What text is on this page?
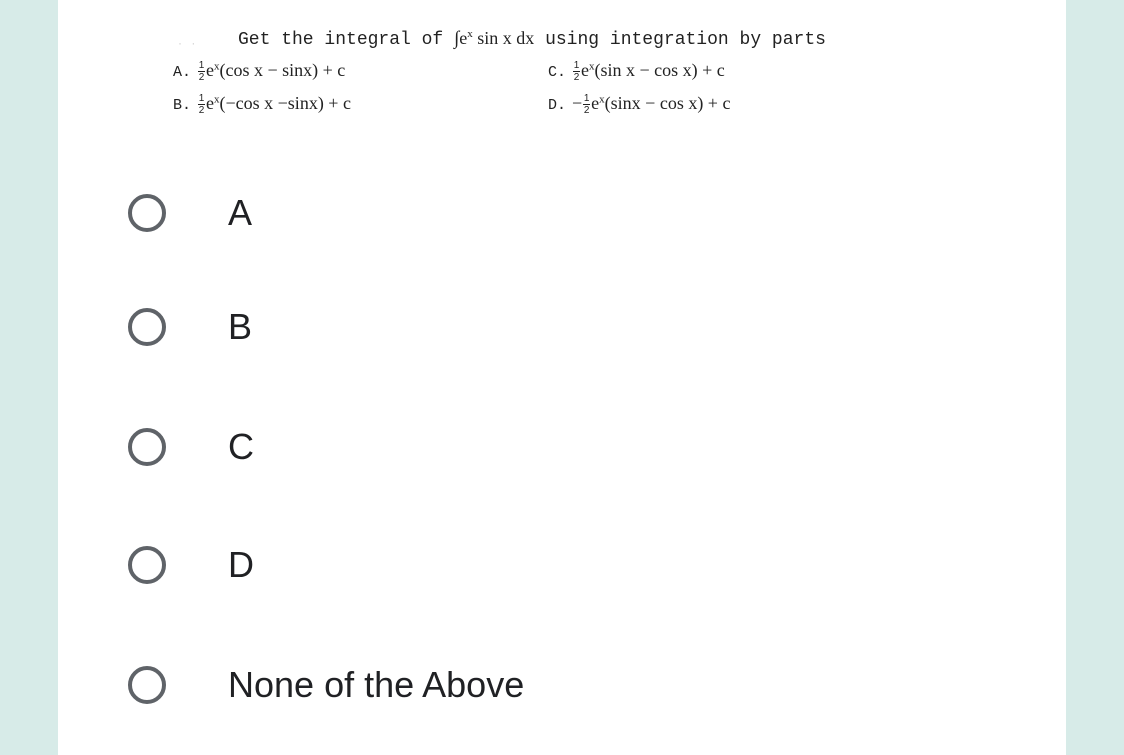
· · Get the integral of $\int e^x$ sin x dx using integration by parts
A. $\frac{1}{2} e^x(\cos$ x − sinx) + c
B. $\frac{1}{2} e^x(-\cos$ x −sinx) + c
C. $\frac{1}{2} e^x(\sin$ x − cos x) + c
D. − $\frac{1}{2} e^x(\sin x - \cos x) + c$
A
B
C
D
None of the Above
